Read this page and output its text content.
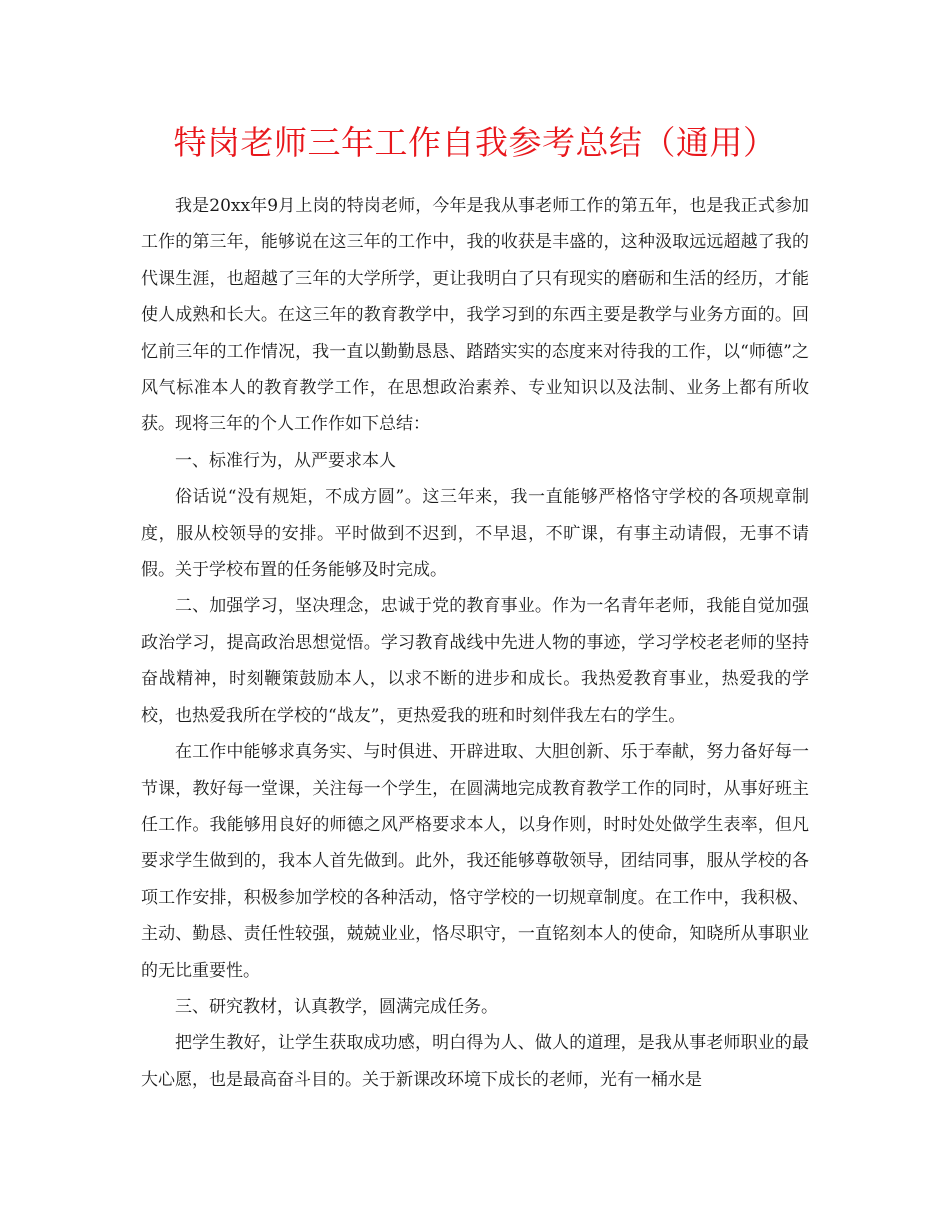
特岗老师三年工作自我参考总结（通用）

我是20xx年9月上岗的特岗老师，今年是我从事老师工作的第五年，也是我正式参加工作的第三年，能够说在这三年的工作中，我的收获是丰盛的，这种汲取远远超越了我的代课生涯，也超越了三年的大学所学，更让我明白了只有现实的磨砺和生活的经历，才能使人成熟和长大。在这三年的教育教学中，我学习到的东西主要是教学与业务方面的。回忆前三年的工作情况，我一直以勤勤恳恳、踏踏实实的态度来对待我的工作，以“师德”之风气标准本人的教育教学工作，在思想政治素养、专业知识以及法制、业务上都有所收获。现将三年的个人工作作如下总结：

一、标准行为，从严要求本人

俗话说“没有规矩，不成方圆”。这三年来，我一直能够严格恪守学校的各项规章制度，服从校领导的安排。平时做到不迟到，不早退，不旷课，有事主动请假，无事不请假。关于学校布置的任务能够及时完成。

二、加强学习，坚决理念，忠诚于党的教育事业。作为一名青年老师，我能自觉加强政治学习，提高政治思想觉悟。学习教育战线中先进人物的事迹，学习学校老老师的坚持奋战精神，时刻鞭策鼓励本人，以求不断的进步和成长。我热爱教育事业，热爱我的学校，也热爱我所在学校的“战友”，更热爱我的班和时刻伴我左右的学生。

在工作中能够求真务实、与时俱进、开辟进取、大胆创新、乐于奉献，努力备好每一节课，教好每一堂课，关注每一个学生，在圆满地完成教育教学工作的同时，从事好班主任工作。我能够用良好的师德之风严格要求本人，以身作则，时时处处做学生表率，但凡要求学生做到的，我本人首先做到。此外，我还能够尊敬领导，团结同事，服从学校的各项工作安排，积极参加学校的各种活动，恪守学校的一切规章制度。在工作中，我积极、主动、勤恳、责任性较强，兢兢业业，恪尽职守，一直铭刻本人的使命，知晓所从事职业的无比重要性。

三、研究教材，认真教学，圆满完成任务。

把学生教好，让学生获取成功感，明白得为人、做人的道理，是我从事老师职业的最大心愿，也是最高奋斗目的。关于新课改环境下成长的老师，光有一桶水是
